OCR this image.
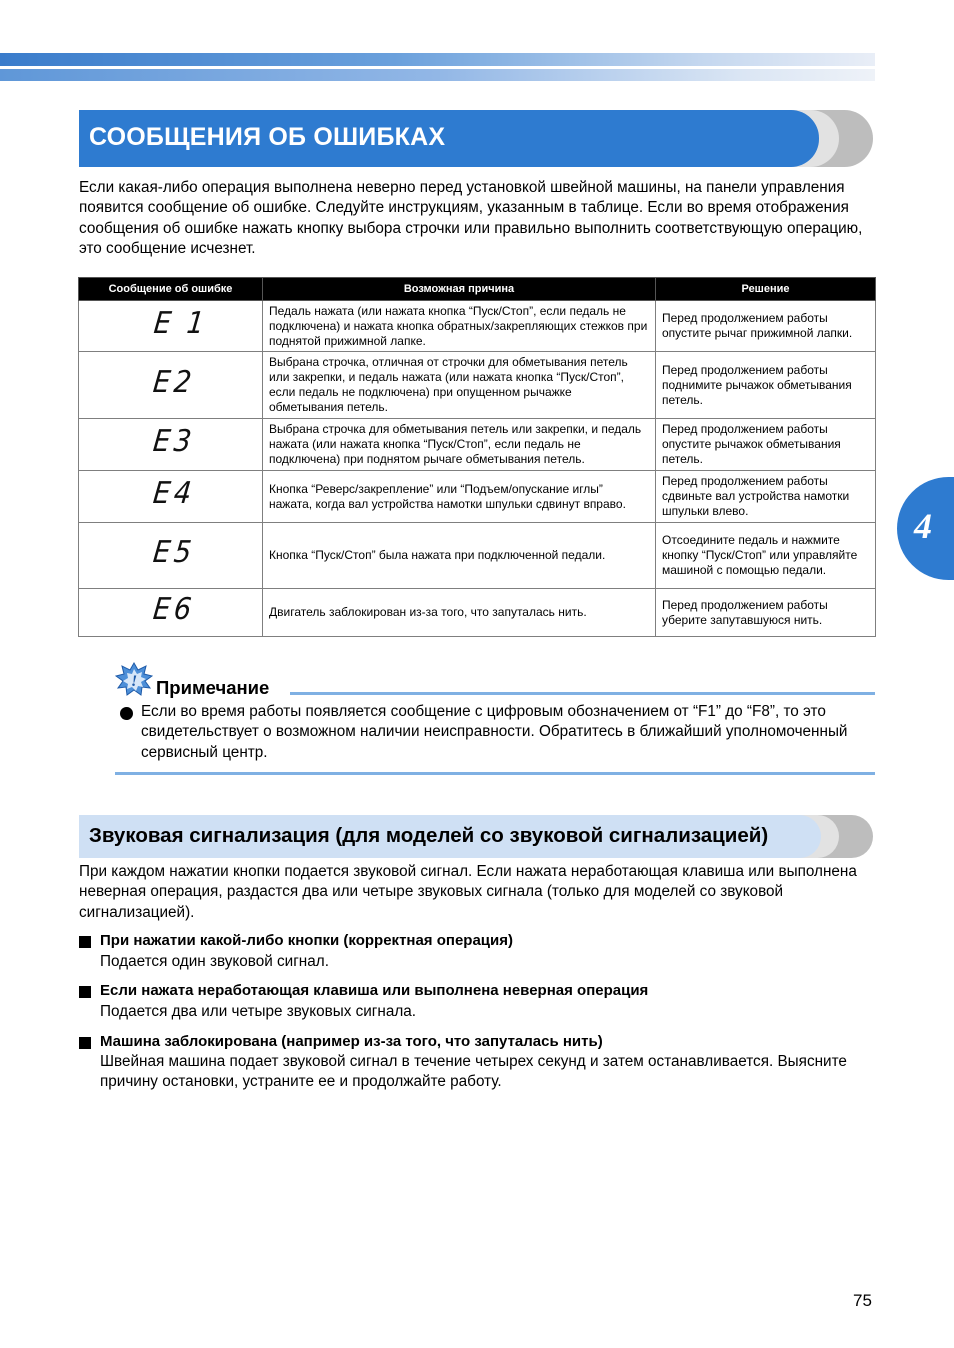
СООБЩЕНИЯ ОБ ОШИБКАХ
Если какая-либо операция выполнена неверно перед установкой швейной машины, на панели управления появится сообщение об ошибке. Следуйте инструкциям, указанным в таблице. Если во время отображения сообщения об ошибке нажать кнопку выбора строчки или правильно выполнить соответствующую операцию, это сообщение исчезнет.
Сообщение об ошибке	Возможная причина	Решение
E 1	Педаль нажата (или нажата кнопка “Пуск/Стоп”, если педаль не подключена) и нажата кнопка обратных/закрепляющих стежков при поднятой прижимной лапке.	Перед продолжением работы опустите рычаг прижимной лапки.
E2	Выбрана строчка, отличная от строчки для обметывания петель или закрепки, и педаль нажата (или нажата кнопка “Пуск/Стоп”, если педаль не подключена) при опущенном рычажке обметывания петель.	Перед продолжением работы поднимите рычажок обметывания петель.
E3	Выбрана строчка для обметывания петель или закрепки, и педаль нажата (или нажата кнопка “Пуск/Стоп”, если педаль не подключена) при поднятом рычаге обметывания петель.	Перед продолжением работы опустите рычажок обметывания петель.
E4	Кнопка “Реверс/закрепление” или “Подъем/опускание иглы” нажата, когда вал устройства намотки шпульки сдвинут вправо.	Перед продолжением работы сдвиньте вал устройства намотки шпульки влево.
E5	Кнопка “Пуск/Стоп” была нажата при подключенной педали.	Отсоедините педаль и нажмите кнопку “Пуск/Стоп” или управляйте машиной с помощью педали.
E6	Двигатель заблокирован из-за того, что запуталась нить.	Перед продолжением работы уберите запутавшуюся нить.
! Примечание
Если во время работы появляется сообщение с цифровым обозначением от “F1” до “F8”, то это свидетельствует о возможном наличии неисправности. Обратитесь в ближайший уполномоченный сервисный центр.
Звуковая сигнализация (для моделей со звуковой сигнализацией)
При каждом нажатии кнопки подается звуковой сигнал. Если нажата неработающая клавиша или выполнена неверная операция, раздастся два или четыре звуковых сигнала (только для моделей со звуковой сигнализацией).
При нажатии какой-либо кнопки (корректная операция)
Подается один звуковой сигнал.
Если нажата неработающая клавиша или выполнена неверная операция
Подается два или четыре звуковых сигнала.
Машина заблокирована (например из-за того, что запуталась нить)
Швейная машина подает звуковой сигнал в течение четырех секунд и затем останавливается. Выясните причину остановки, устраните ее и продолжайте работу.
4
75
